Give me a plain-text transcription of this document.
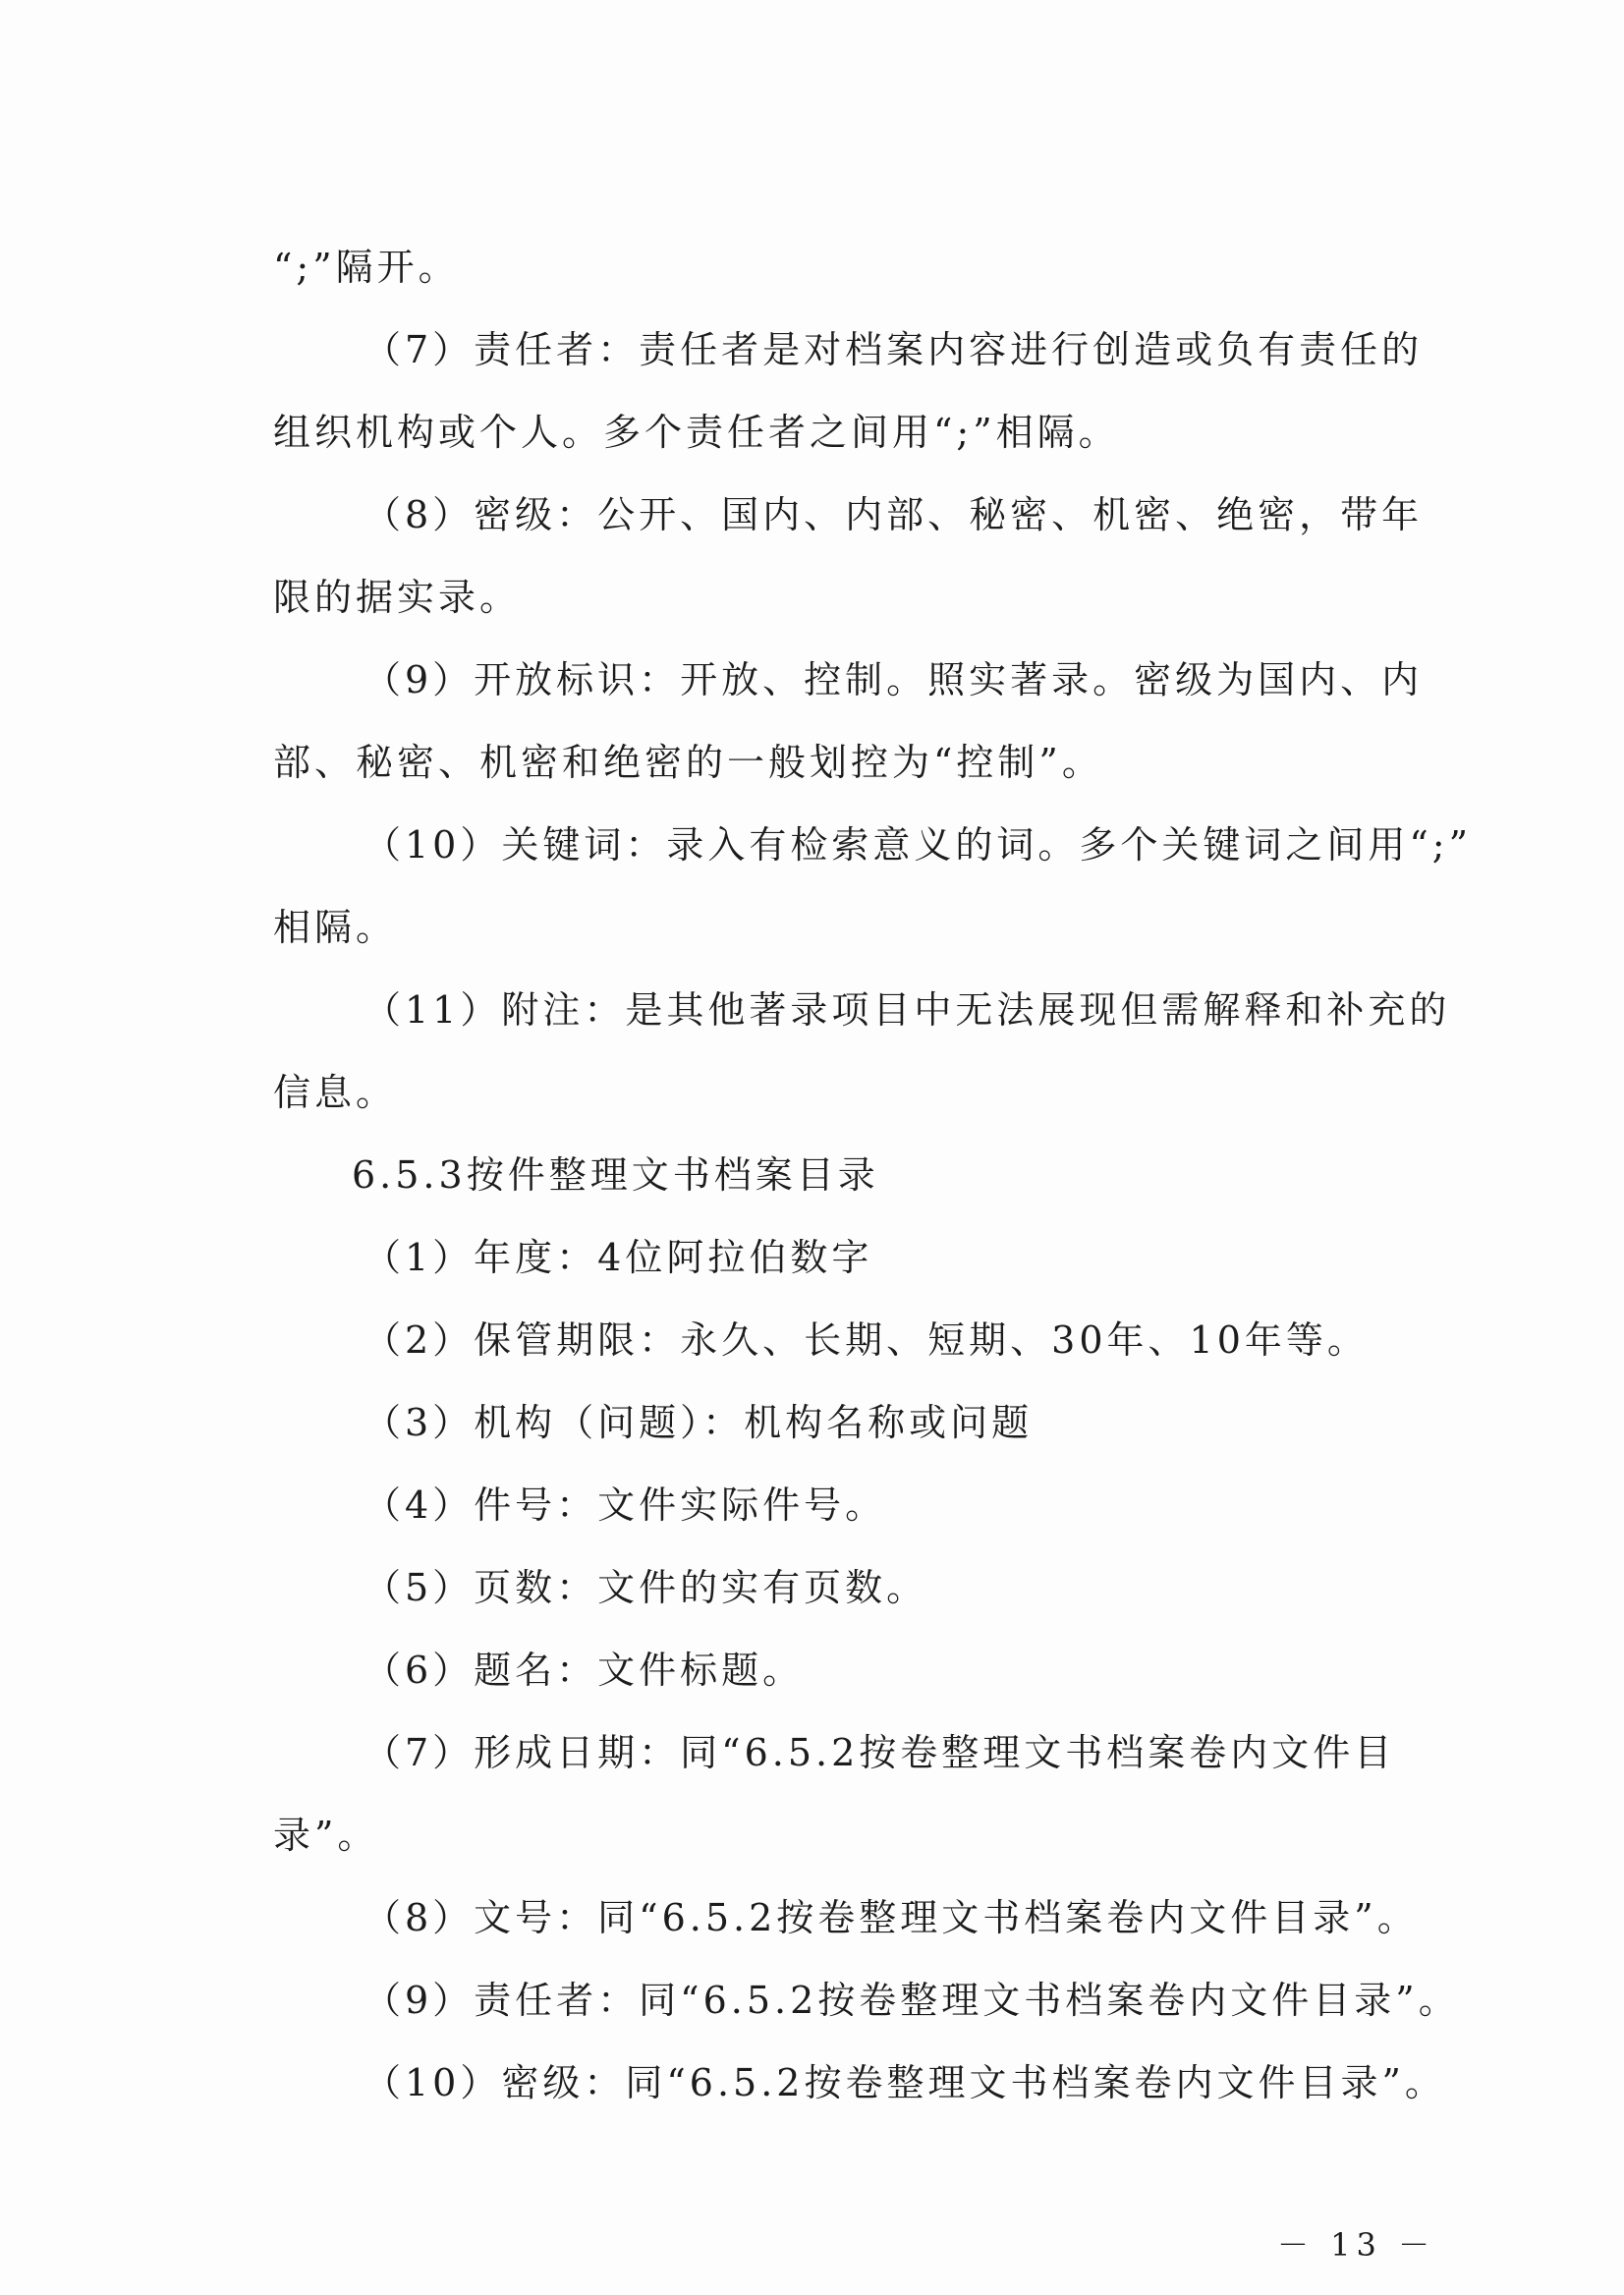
“;”隔开。
（7）责任者：责任者是对档案内容进行创造或负有责任的
组织机构或个人。多个责任者之间用“;”相隔。
（8）密级：公开、国内、内部、秘密、机密、绝密，带年
限的据实录。
（9）开放标识：开放、控制。照实著录。密级为国内、内
部、秘密、机密和绝密的一般划控为“控制”。
（10）关键词：录入有检索意义的词。多个关键词之间用“;”
相隔。
（11）附注：是其他著录项目中无法展现但需解释和补充的
信息。
6.5.3按件整理文书档案目录
（1）年度：4位阿拉伯数字
（2）保管期限：永久、长期、短期、30年、10年等。
（3）机构（问题）：机构名称或问题
（4）件号：文件实际件号。
（5）页数：文件的实有页数。
（6）题名：文件标题。
（7）形成日期：同“6.5.2按卷整理文书档案卷内文件目
录”。
（8）文号：同“6.5.2按卷整理文书档案卷内文件目录”。
（9）责任者：同“6.5.2按卷整理文书档案卷内文件目录”。
（10）密级：同“6.5.2按卷整理文书档案卷内文件目录”。
－ 13 －
